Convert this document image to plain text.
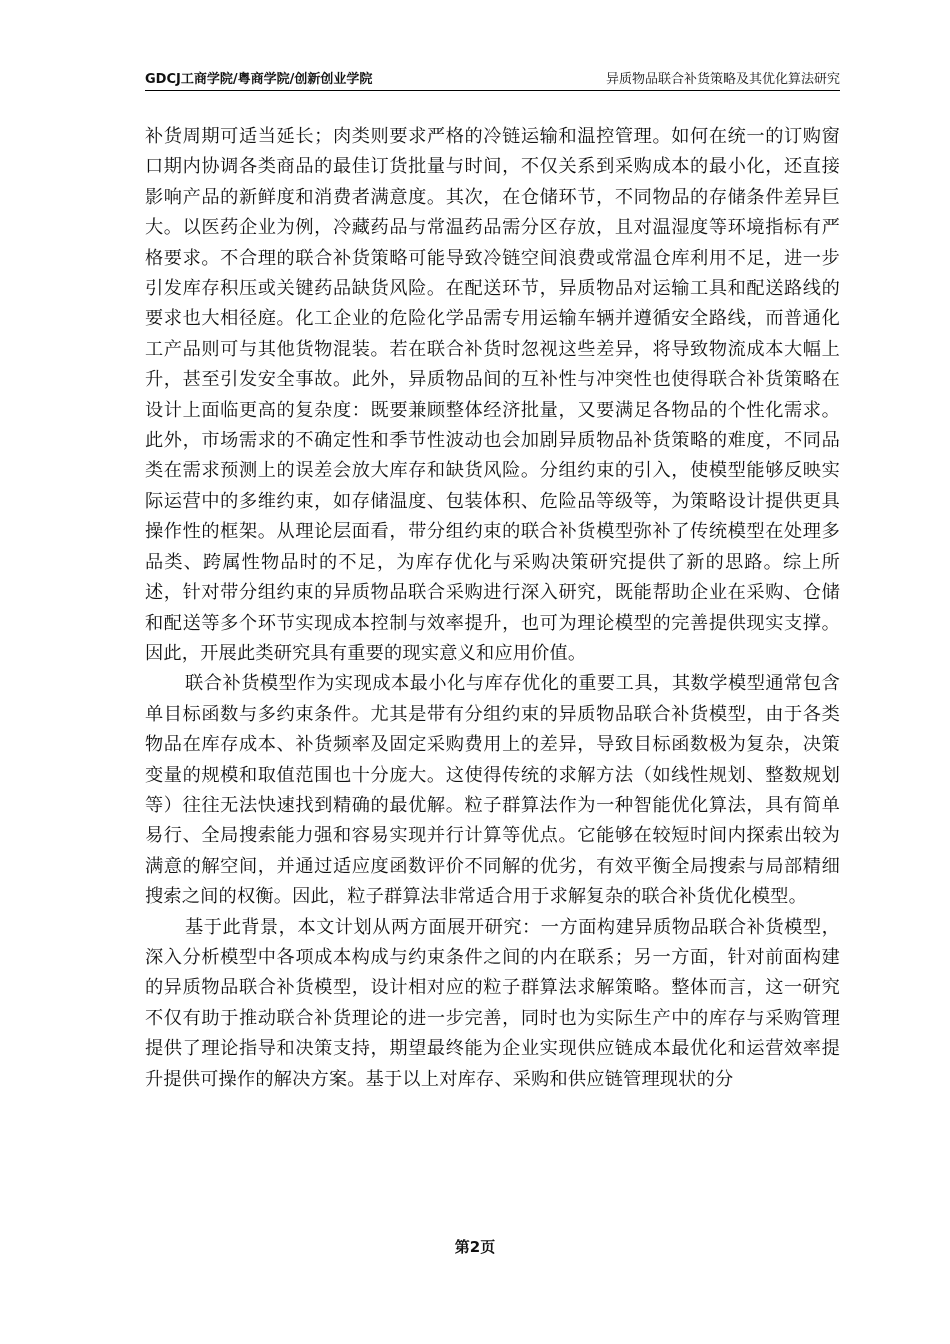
GDCJ工商学院/粤商学院/创新创业学院	异质物品联合补货策略及其优化算法研究

补货周期可适当延长；肉类则要求严格的冷链运输和温控管理。如何在统一的订购窗口期内协调各类商品的最佳订货批量与时间，不仅关系到采购成本的最小化，还直接影响产品的新鲜度和消费者满意度。其次，在仓储环节，不同物品的存储条件差异巨大。以医药企业为例，冷藏药品与常温药品需分区存放，且对温湿度等环境指标有严格要求。不合理的联合补货策略可能导致冷链空间浪费或常温仓库利用不足，进一步引发库存积压或关键药品缺货风险。在配送环节，异质物品对运输工具和配送路线的要求也大相径庭。化工企业的危险化学品需专用运输车辆并遵循安全路线，而普通化工产品则可与其他货物混装。若在联合补货时忽视这些差异，将导致物流成本大幅上升，甚至引发安全事故。此外，异质物品间的互补性与冲突性也使得联合补货策略在设计上面临更高的复杂度：既要兼顾整体经济批量，又要满足各物品的个性化需求。此外，市场需求的不确定性和季节性波动也会加剧异质物品补货策略的难度，不同品类在需求预测上的误差会放大库存和缺货风险。分组约束的引入，使模型能够反映实际运营中的多维约束，如存储温度、包装体积、危险品等级等，为策略设计提供更具操作性的框架。从理论层面看，带分组约束的联合补货模型弥补了传统模型在处理多品类、跨属性物品时的不足，为库存优化与采购决策研究提供了新的思路。综上所述，针对带分组约束的异质物品联合采购进行深入研究，既能帮助企业在采购、仓储和配送等多个环节实现成本控制与效率提升，也可为理论模型的完善提供现实支撑。因此，开展此类研究具有重要的现实意义和应用价值。

联合补货模型作为实现成本最小化与库存优化的重要工具，其数学模型通常包含单目标函数与多约束条件。尤其是带有分组约束的异质物品联合补货模型，由于各类物品在库存成本、补货频率及固定采购费用上的差异，导致目标函数极为复杂，决策变量的规模和取值范围也十分庞大。这使得传统的求解方法（如线性规划、整数规划等）往往无法快速找到精确的最优解。粒子群算法作为一种智能优化算法，具有简单易行、全局搜索能力强和容易实现并行计算等优点。它能够在较短时间内探索出较为满意的解空间，并通过适应度函数评价不同解的优劣，有效平衡全局搜索与局部精细搜索之间的权衡。因此，粒子群算法非常适合用于求解复杂的联合补货优化模型。

基于此背景，本文计划从两方面展开研究：一方面构建异质物品联合补货模型，深入分析模型中各项成本构成与约束条件之间的内在联系；另一方面，针对前面构建的异质物品联合补货模型，设计相对应的粒子群算法求解策略。整体而言，这一研究不仅有助于推动联合补货理论的进一步完善，同时也为实际生产中的库存与采购管理提供了理论指导和决策支持，期望最终能为企业实现供应链成本最优化和运营效率提升提供可操作的解决方案。基于以上对库存、采购和供应链管理现状的分

第2页
